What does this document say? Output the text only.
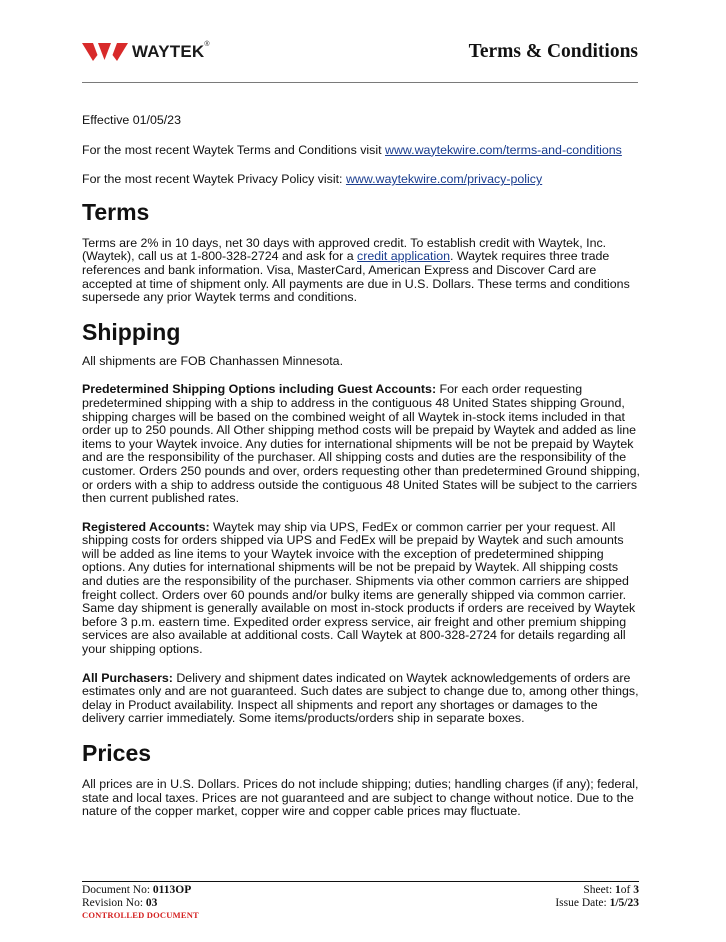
WAYTEK®	Terms & Conditions

Effective 01/05/23

For the most recent Waytek Terms and Conditions visit www.waytekwire.com/terms-and-conditions

For the most recent Waytek Privacy Policy visit: www.waytekwire.com/privacy-policy

Terms

Terms are 2% in 10 days, net 30 days with approved credit. To establish credit with Waytek, Inc. (Waytek), call us at 1-800-328-2724 and ask for a credit application. Waytek requires three trade references and bank information. Visa, MasterCard, American Express and Discover Card are accepted at time of shipment only. All payments are due in U.S. Dollars. These terms and conditions supersede any prior Waytek terms and conditions.

Shipping

All shipments are FOB Chanhassen Minnesota.

Predetermined Shipping Options including Guest Accounts: For each order requesting predetermined shipping with a ship to address in the contiguous 48 United States shipping Ground, shipping charges will be based on the combined weight of all Waytek in-stock items included in that order up to 250 pounds. All Other shipping method costs will be prepaid by Waytek and added as line items to your Waytek invoice. Any duties for international shipments will be not be prepaid by Waytek and are the responsibility of the purchaser. All shipping costs and duties are the responsibility of the customer. Orders 250 pounds and over, orders requesting other than predetermined Ground shipping, or orders with a ship to address outside the contiguous 48 United States will be subject to the carriers then current published rates.

Registered Accounts: Waytek may ship via UPS, FedEx or common carrier per your request. All shipping costs for orders shipped via UPS and FedEx will be prepaid by Waytek and such amounts will be added as line items to your Waytek invoice with the exception of predetermined shipping options. Any duties for international shipments will be not be prepaid by Waytek. All shipping costs and duties are the responsibility of the purchaser. Shipments via other common carriers are shipped freight collect. Orders over 60 pounds and/or bulky items are generally shipped via common carrier. Same day shipment is generally available on most in-stock products if orders are received by Waytek before 3 p.m. eastern time. Expedited order express service, air freight and other premium shipping services are also available at additional costs. Call Waytek at 800-328-2724 for details regarding all your shipping options.

All Purchasers: Delivery and shipment dates indicated on Waytek acknowledgements of orders are estimates only and are not guaranteed. Such dates are subject to change due to, among other things, delay in Product availability. Inspect all shipments and report any shortages or damages to the delivery carrier immediately. Some items/products/orders ship in separate boxes.

Prices

All prices are in U.S. Dollars. Prices do not include shipping; duties; handling charges (if any); federal, state and local taxes. Prices are not guaranteed and are subject to change without notice. Due to the nature of the copper market, copper wire and copper cable prices may fluctuate.

Document No: 0113OP
Revision No: 03
CONTROLLED DOCUMENT
Sheet: 1of 3
Issue Date: 1/5/23
